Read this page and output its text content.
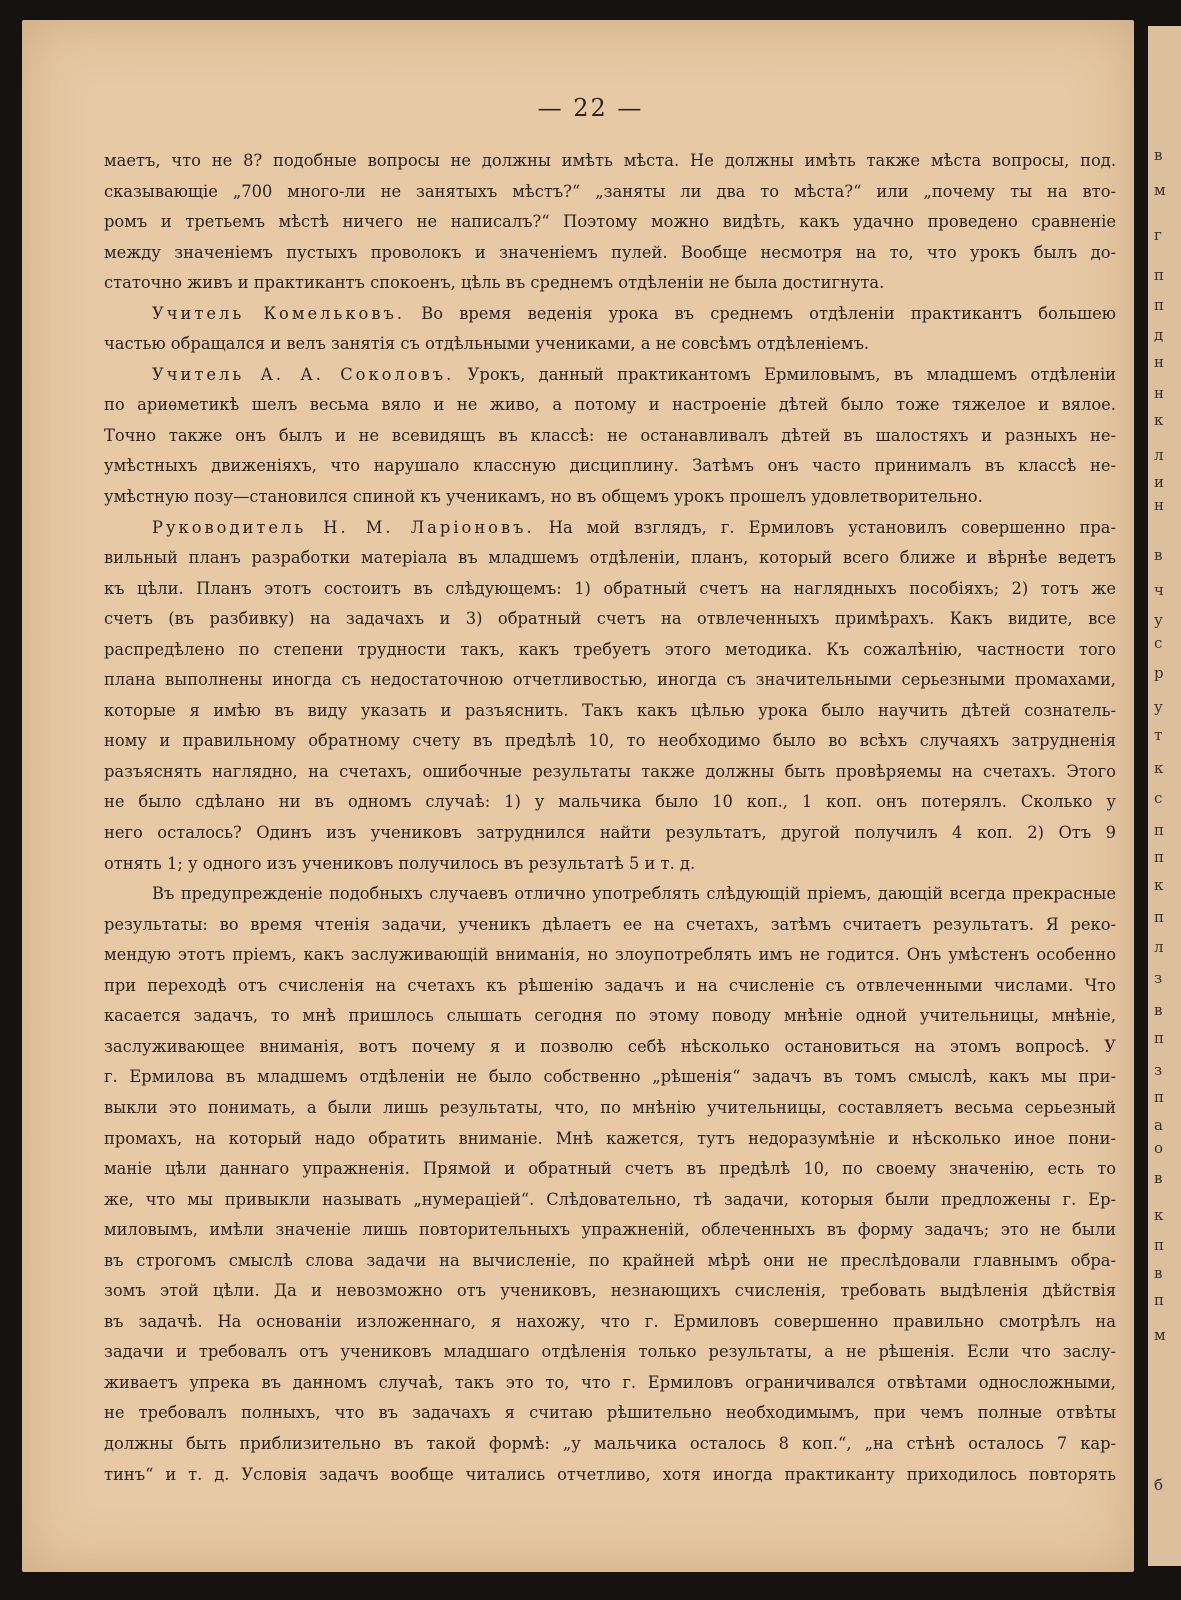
в
м
г
п
п
д
н
н
к
л
и
н
в
ч
у
с
р
у
т
к
с
п
п
к
п
л
з
в
п
з
п
а
о
в
к
п
в
п
м
б
— 22 —
маетъ, что не 8? подобные вопросы не должны имѣть мѣста. Не должны имѣть также мѣста вопросы, под.
сказывающіе „700 много-ли не занятыхъ мѣстъ?“ „заняты ли два то мѣста?“ или „почему ты на вто-
ромъ и третьемъ мѣстѣ ничего не написалъ?“ Поэтому можно видѣть, какъ удачно проведено сравненіе
между значеніемъ пустыхъ проволокъ и значеніемъ пулей. Вообще несмотря на то, что урокъ былъ до-
статочно живъ и практикантъ спокоенъ, цѣль въ среднемъ отдѣленіи не была достигнута.
Учитель Комельковъ. Во время веденія урока въ среднемъ отдѣленіи практикантъ большею
частью обращался и велъ занятія съ отдѣльными учениками, а не совсѣмъ отдѣленіемъ.
Учитель А. А. Соколовъ. Урокъ, данный практикантомъ Ермиловымъ, въ младшемъ отдѣленіи
по ариѳметикѣ шелъ весьма вяло и не живо, а потому и настроеніе дѣтей было тоже тяжелое и вялое.
Точно также онъ былъ и не всевидящъ въ классѣ: не останавливалъ дѣтей въ шалостяхъ и разныхъ не-
умѣстныхъ движеніяхъ, что нарушало классную дисциплину. Затѣмъ онъ часто принималъ въ классѣ не-
умѣстную позу—становился спиной къ ученикамъ, но въ общемъ урокъ прошелъ удовлетворительно.
Руководитель Н. М. Ларіоновъ. На мой взглядъ, г. Ермиловъ установилъ совершенно пра-
вильный планъ разработки матеріала въ младшемъ отдѣленіи, планъ, который всего ближе и вѣрнѣе ведетъ
къ цѣли. Планъ этотъ состоитъ въ слѣдующемъ: 1) обратный счетъ на наглядныхъ пособіяхъ; 2) тотъ же
счетъ (въ разбивку) на задачахъ и 3) обратный счетъ на отвлеченныхъ примѣрахъ. Какъ видите, все
распредѣлено по степени трудности такъ, какъ требуетъ этого методика. Къ сожалѣнію, частности того
плана выполнены иногда съ недостаточною отчетливостью, иногда съ значительными серьезными промахами,
которые я имѣю въ виду указать и разъяснить. Такъ какъ цѣлью урока было научить дѣтей сознатель-
ному и правильному обратному счету въ предѣлѣ 10, то необходимо было во всѣхъ случаяхъ затрудненія
разъяснять наглядно, на счетахъ, ошибочные результаты также должны быть провѣряемы на счетахъ. Этого
не было сдѣлано ни въ одномъ случаѣ: 1) у мальчика было 10 коп., 1 коп. онъ потерялъ. Сколько у
него осталось? Одинъ изъ учениковъ затруднился найти результатъ, другой получилъ 4 коп. 2) Отъ 9
отнять 1; у одного изъ учениковъ получилось въ результатѣ 5 и т. д.
Въ предупрежденіе подобныхъ случаевъ отлично употреблять слѣдующій пріемъ, дающій всегда прекрасные
результаты: во время чтенія задачи, ученикъ дѣлаетъ ее на счетахъ, затѣмъ считаетъ результатъ. Я реко-
мендую этотъ пріемъ, какъ заслуживающій вниманія, но злоупотреблять имъ не годится. Онъ умѣстенъ особенно
при переходѣ отъ счисленія на счетахъ къ рѣшенію задачъ и на счисленіе съ отвлеченными числами. Что
касается задачъ, то мнѣ пришлось слышать сегодня по этому поводу мнѣніе одной учительницы, мнѣніе,
заслуживающее вниманія, вотъ почему я и позволю себѣ нѣсколько остановиться на этомъ вопросѣ. У
г. Ермилова въ младшемъ отдѣленіи не было собственно „рѣшенія“ задачъ въ томъ смыслѣ, какъ мы при-
выкли это понимать, а были лишь результаты, что, по мнѣнію учительницы, составляетъ весьма серьезный
промахъ, на который надо обратить вниманіе. Мнѣ кажется, тутъ недоразумѣніе и нѣсколько иное пони-
маніе цѣли даннаго упражненія. Прямой и обратный счетъ въ предѣлѣ 10, по своему значенію, есть то
же, что мы привыкли называть „нумераціей“. Слѣдовательно, тѣ задачи, которыя были предложены г. Ер-
миловымъ, имѣли значеніе лишь повторительныхъ упражненій, облеченныхъ въ форму задачъ; это не были
въ строгомъ смыслѣ слова задачи на вычисленіе, по крайней мѣрѣ они не преслѣдовали главнымъ обра-
зомъ этой цѣли. Да и невозможно отъ учениковъ, незнающихъ счисленія, требовать выдѣленія дѣйствія
въ задачѣ. На основаніи изложеннаго, я нахожу, что г. Ермиловъ совершенно правильно смотрѣлъ на
задачи и требовалъ отъ учениковъ младшаго отдѣленія только результаты, а не рѣшенія. Если что заслу-
живаетъ упрека въ данномъ случаѣ, такъ это то, что г. Ермиловъ ограничивался отвѣтами односложными,
не требовалъ полныхъ, что въ задачахъ я считаю рѣшительно необходимымъ, при чемъ полные отвѣты
должны быть приблизительно въ такой формѣ: „у мальчика осталось 8 коп.“, „на стѣнѣ осталось 7 кар-
тинъ“ и т. д. Условія задачъ вообще читались отчетливо, хотя иногда практиканту приходилось повторять
